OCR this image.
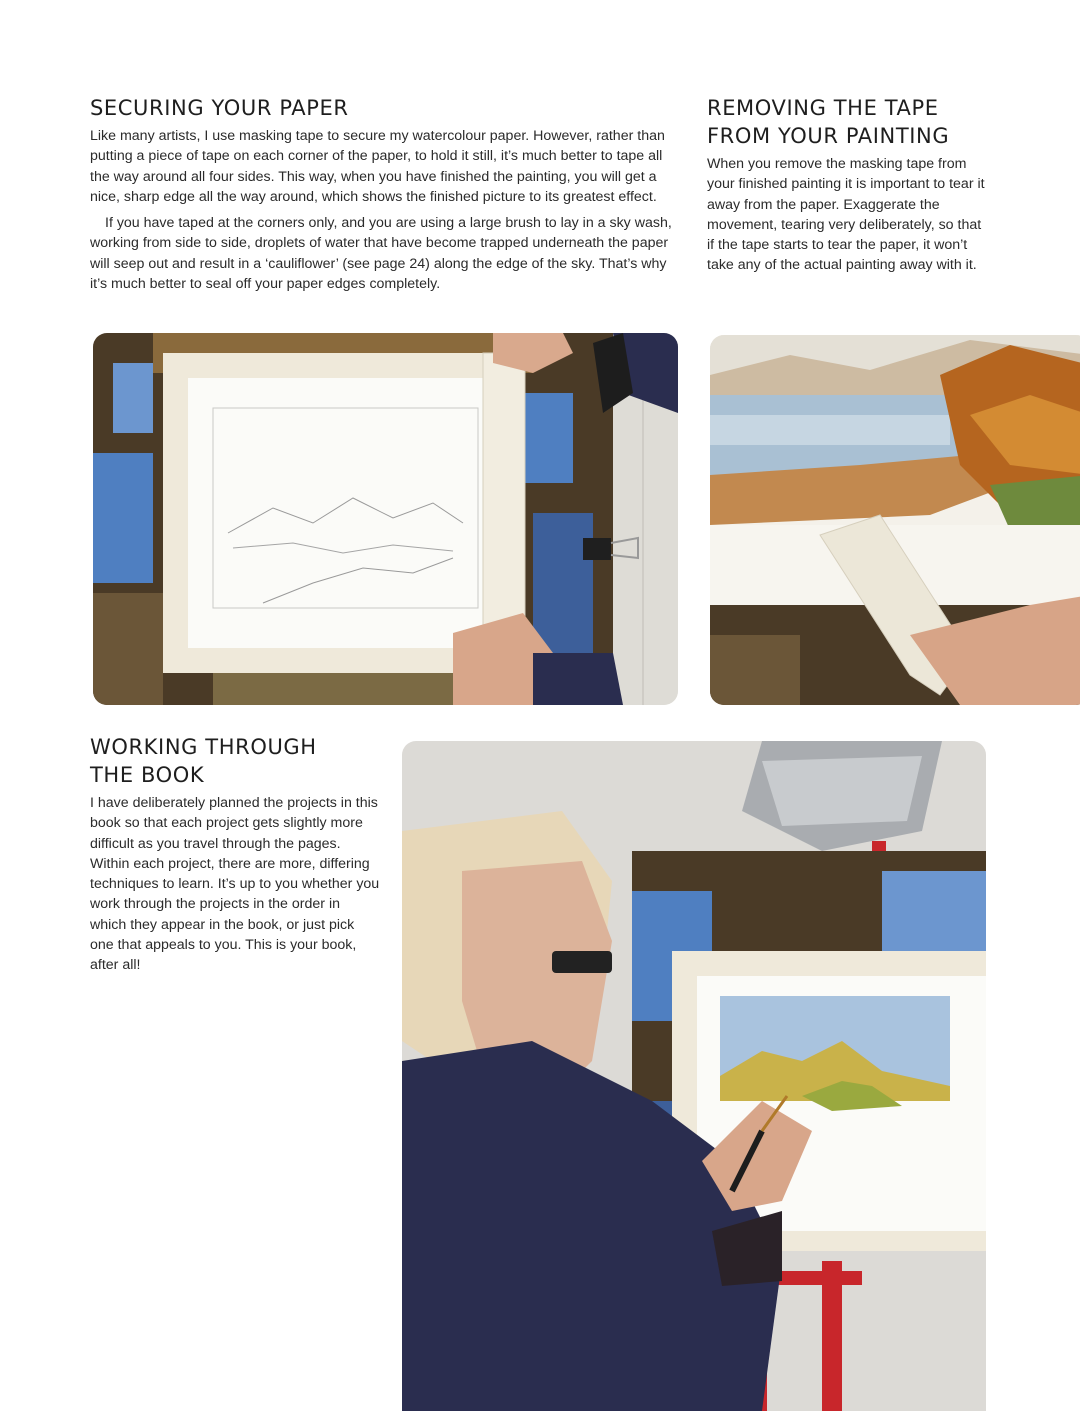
SECURING YOUR PAPER

Like many artists, I use masking tape to secure my watercolour paper. However, rather than putting a piece of tape on each corner of the paper, to hold it still, it’s much better to tape all the way around all four sides. This way, when you have finished the painting, you will get a nice, sharp edge all the way around, which shows the finished picture to its greatest effect.

If you have taped at the corners only, and you are using a large brush to lay in a sky wash, working from side to side, droplets of water that have become trapped underneath the paper will seep out and result in a ‘cauliflower’ (see page 24) along the edge of the sky. That’s why it’s much better to seal off your paper edges completely.

REMOVING THE TAPE
FROM YOUR PAINTING

When you remove the masking tape from your finished painting it is important to tear it away from the paper. Exaggerate the movement, tearing very deliberately, so that if the tape starts to tear the paper, it won’t take any of the actual painting away with it.

WORKING THROUGH
THE BOOK

I have deliberately planned the projects in this book so that each project gets slightly more difficult as you travel through the pages. Within each project, there are more, differing techniques to learn. It’s up to you whether you work through the projects in the order in which they appear in the book, or just pick one that appeals to you. This is your book, after all!
